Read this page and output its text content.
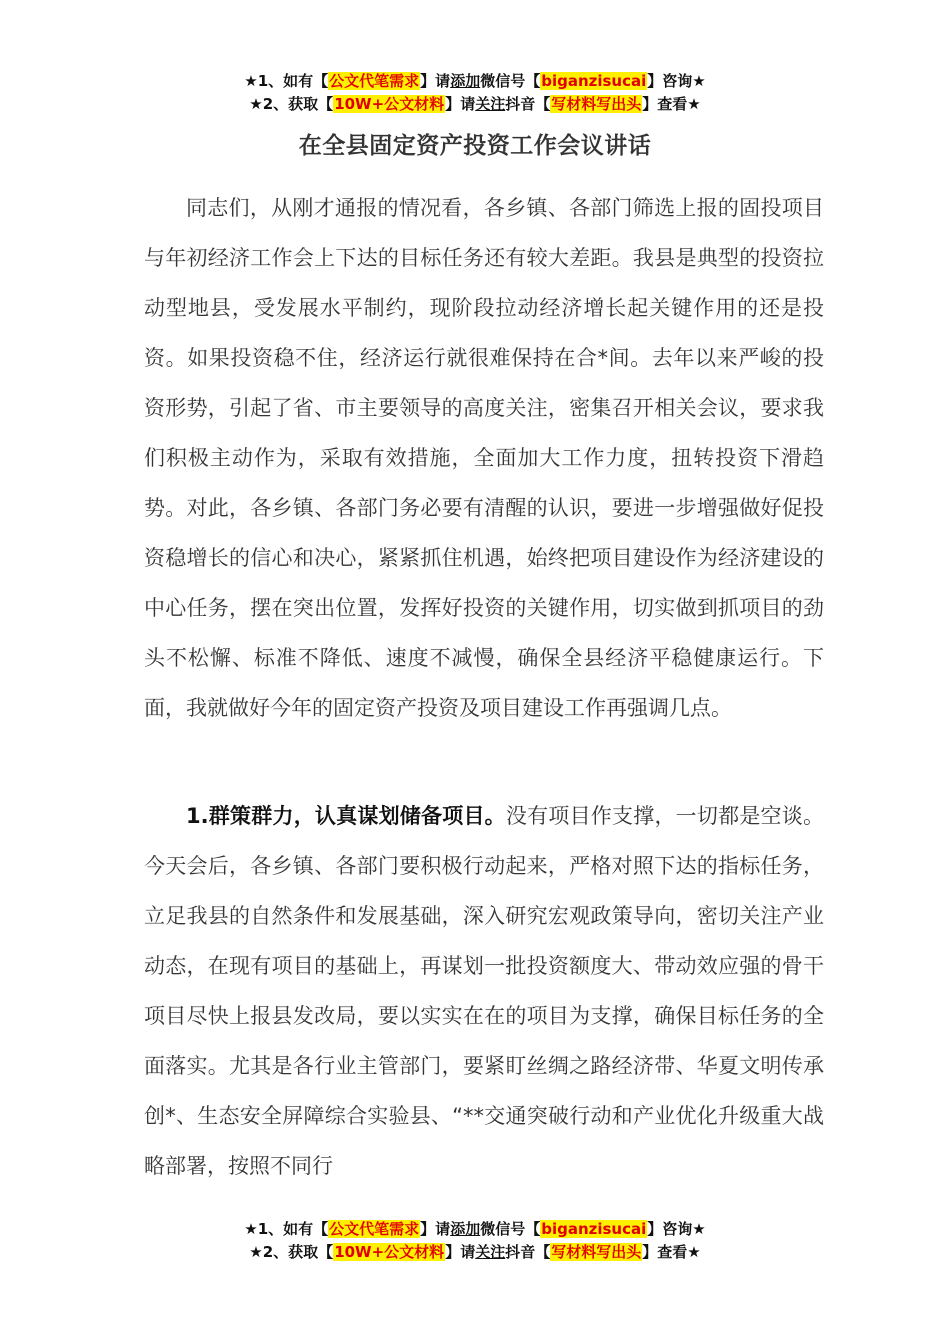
★1、如有【公文代笔需求】请添加微信号【biganzisucai】咨询★
★2、获取【10W+公文材料】请关注抖音【写材料写出头】查看★
在全县固定资产投资工作会议讲话

同志们，从刚才通报的情况看，各乡镇、各部门筛选上报的固投项目与年初经济工作会上下达的目标任务还有较大差距。我县是典型的投资拉动型地县，受发展水平制约，现阶段拉动经济增长起关键作用的还是投资。如果投资稳不住，经济运行就很难保持在合*间。去年以来严峻的投资形势，引起了省、市主要领导的高度关注，密集召开相关会议，要求我们积极主动作为，采取有效措施，全面加大工作力度，扭转投资下滑趋势。对此，各乡镇、各部门务必要有清醒的认识，要进一步增强做好促投资稳增长的信心和决心，紧紧抓住机遇，始终把项目建设作为经济建设的中心任务，摆在突出位置，发挥好投资的关键作用，切实做到抓项目的劲头不松懈、标准不降低、速度不减慢，确保全县经济平稳健康运行。下面，我就做好今年的固定资产投资及项目建设工作再强调几点。

1.群策群力，认真谋划储备项目。没有项目作支撑，一切都是空谈。今天会后，各乡镇、各部门要积极行动起来，严格对照下达的指标任务，立足我县的自然条件和发展基础，深入研究宏观政策导向，密切关注产业动态，在现有项目的基础上，再谋划一批投资额度大、带动效应强的骨干项目尽快上报县发改局，要以实实在在的项目为支撑，确保目标任务的全面落实。尤其是各行业主管部门，要紧盯丝绸之路经济带、华夏文明传承创*、生态安全屏障综合实验县、“**交通突破行动和产业优化升级重大战略部署，按照不同行

★1、如有【公文代笔需求】请添加微信号【biganzisucai】咨询★
★2、获取【10W+公文材料】请关注抖音【写材料写出头】查看★
